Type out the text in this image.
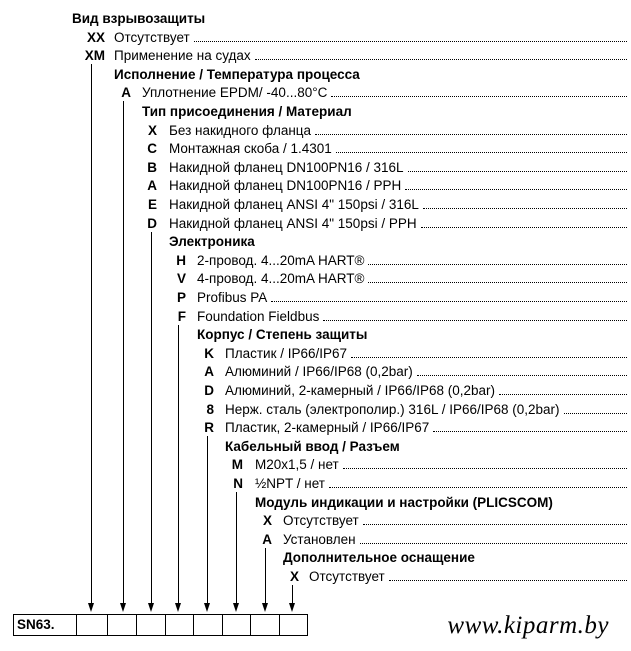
Вид взрывозащиты
XX Отсутствует
XM Применение на судах
Исполнение / Температура процесса
A Уплотнение EPDM/ -40...80°C
Тип присоединения / Материал
X Без накидного фланца
C Монтажная скоба / 1.4301
B Накидной фланец DN100PN16 / 316L
A Накидной фланец DN100PN16 / PPH
E Накидной фланец ANSI 4" 150psi / 316L
D Накидной фланец ANSI 4" 150psi / PPH
Электроника
H 2-провод. 4...20mA HART®
V 4-провод. 4...20mA HART®
P Profibus PA
F Foundation Fieldbus
Корпус / Степень защиты
K Пластик / IP66/IP67
A Алюминий / IP66/IP68 (0,2bar)
D Алюминий, 2-камерный / IP66/IP68 (0,2bar)
8 Нерж. сталь (электрополир.) 316L / IP66/IP68 (0,2bar)
R Пластик, 2-камерный / IP66/IP67
Кабельный ввод / Разъем
M M20x1,5 / нет
N ½NPT / нет
Модуль индикации и настройки (PLICSCOM)
X Отсутствует
A Установлен
Дополнительное оснащение
X Отсутствует
SN63.	www.kiparm.by
